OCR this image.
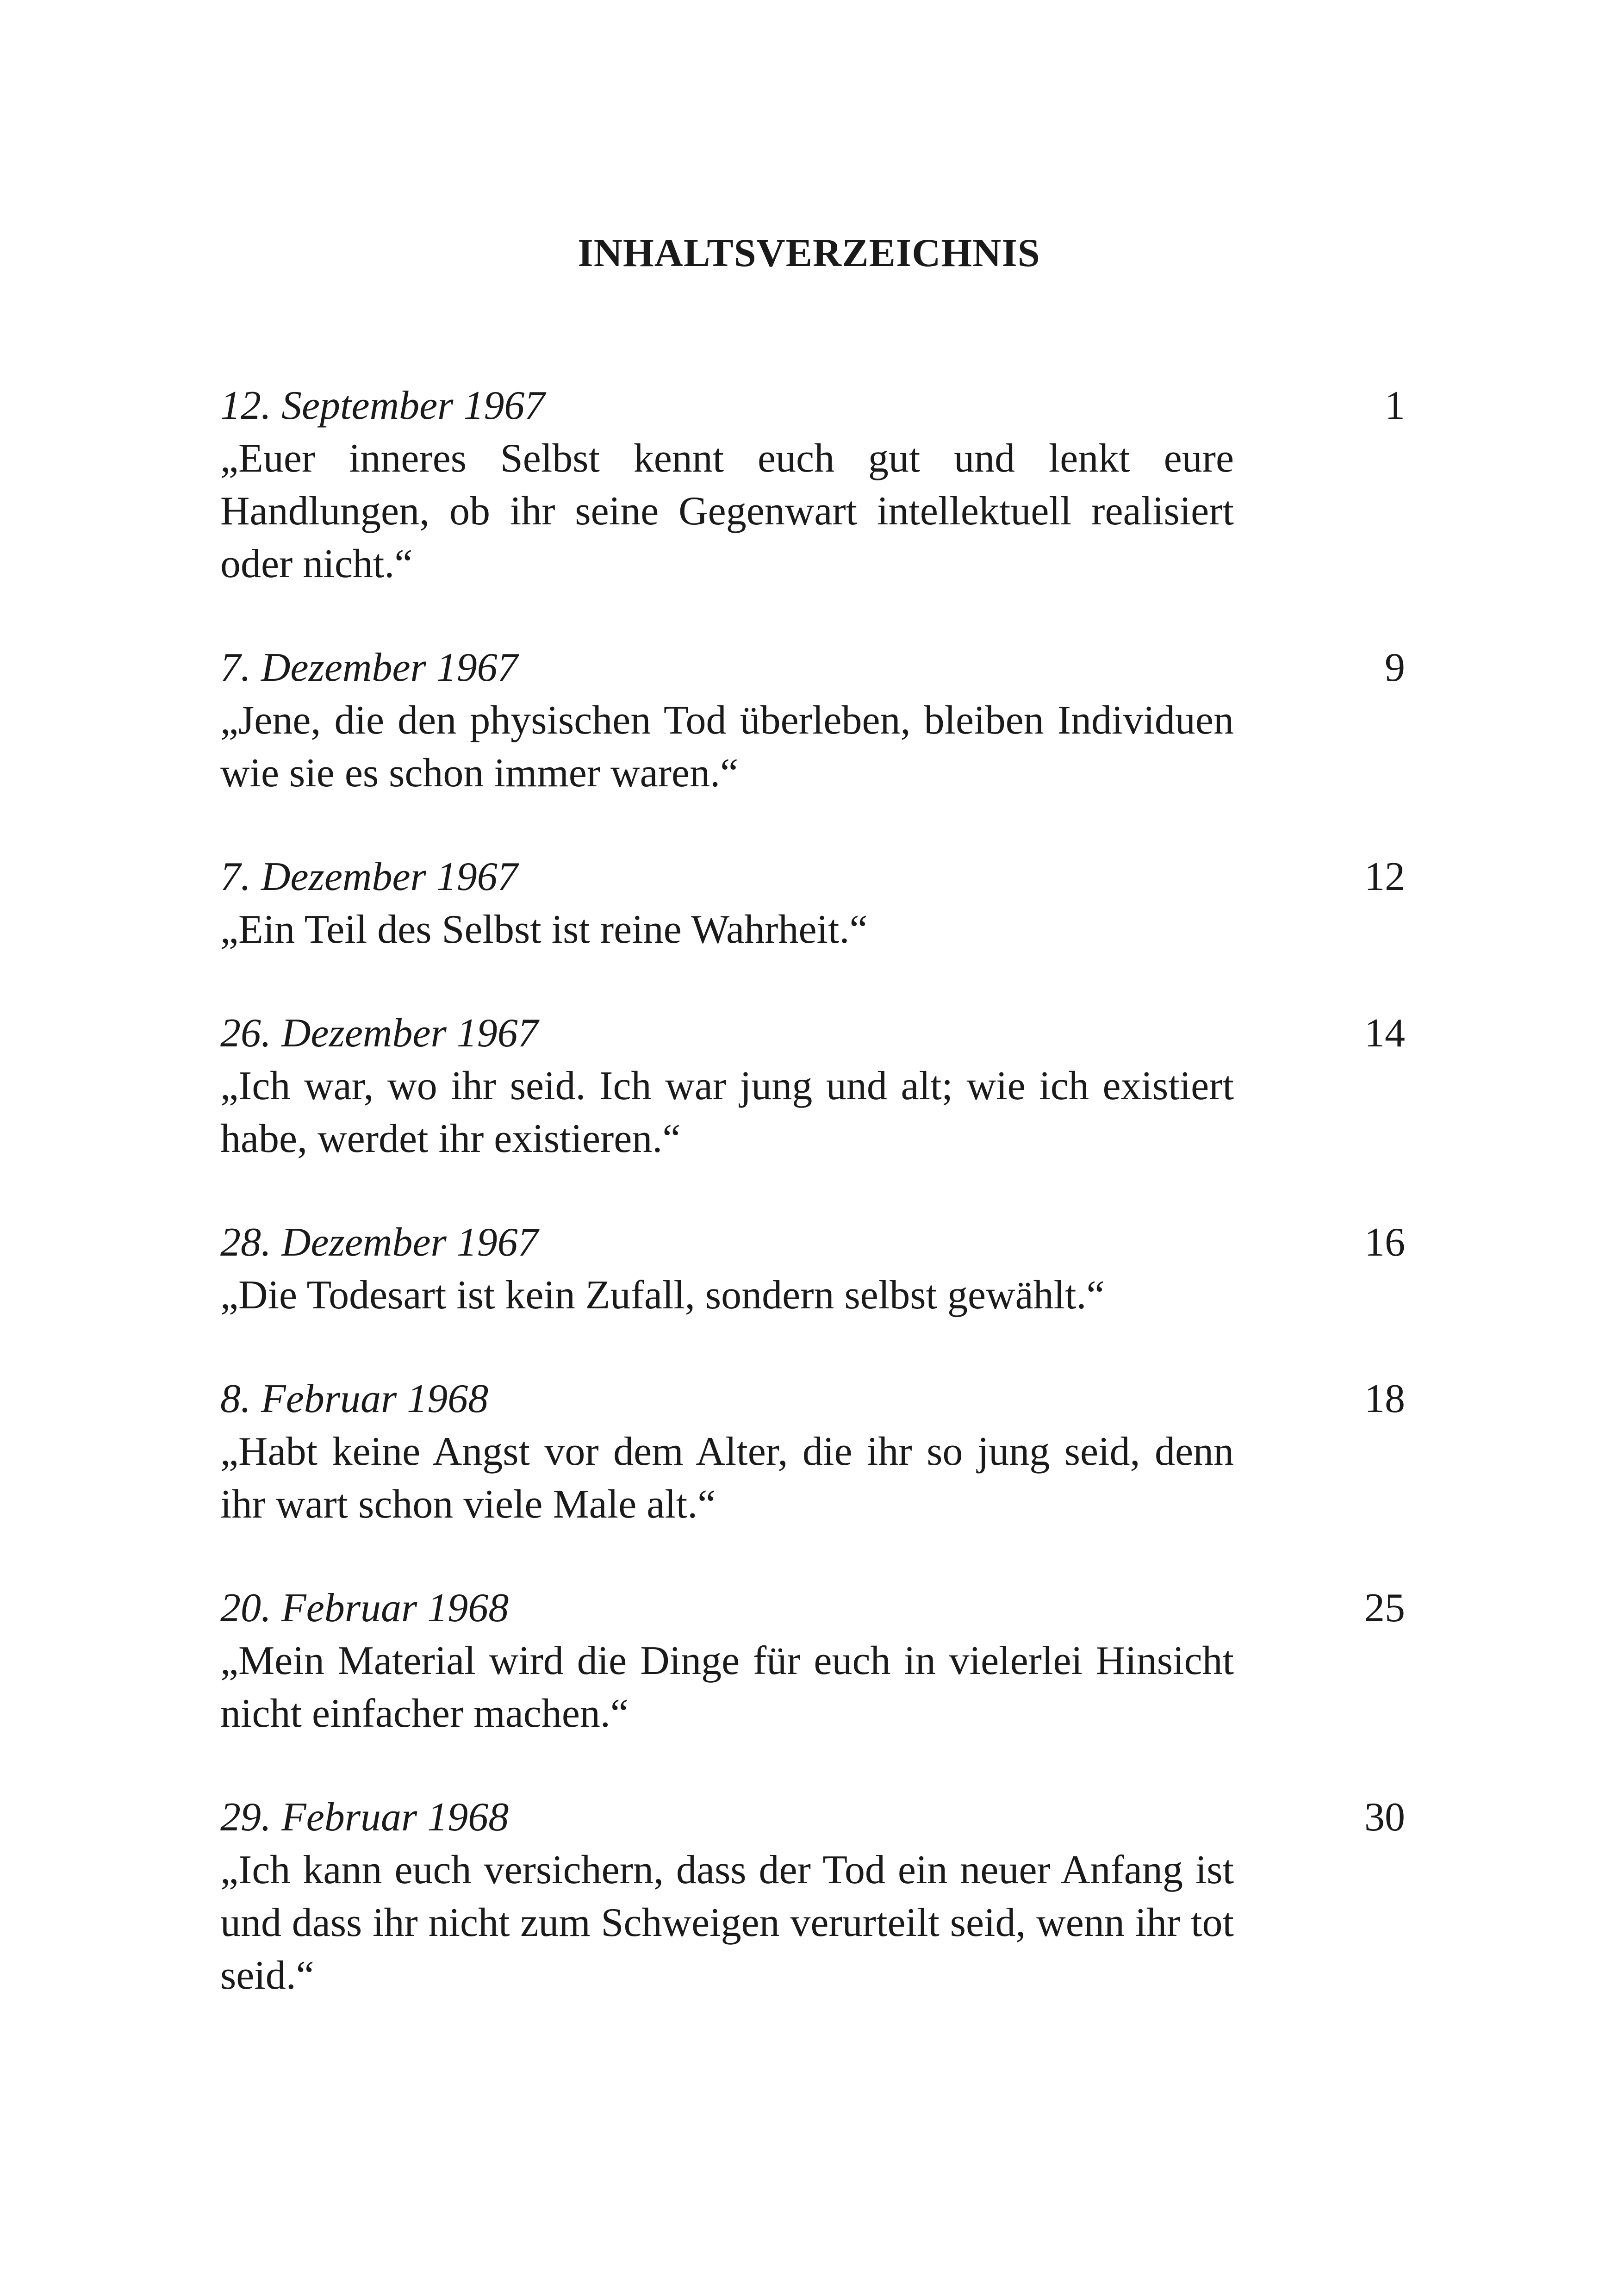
INHALTSVERZEICHNIS
12. September 1967	1
„Euer inneres Selbst kennt euch gut und lenkt eure Handlungen, ob ihr seine Gegenwart intellektuell realisiert oder nicht.“
7. Dezember 1967	9
„Jene, die den physischen Tod überleben, bleiben Individuen wie sie es schon immer waren.“
7. Dezember 1967	12
„Ein Teil des Selbst ist reine Wahrheit.“
26. Dezember 1967	14
„Ich war, wo ihr seid. Ich war jung und alt; wie ich existiert habe, werdet ihr existieren.“
28. Dezember 1967	16
„Die Todesart ist kein Zufall, sondern selbst gewählt.“
8. Februar 1968	18
„Habt keine Angst vor dem Alter, die ihr so jung seid, denn ihr wart schon viele Male alt.“
20. Februar 1968	25
„Mein Material wird die Dinge für euch in vielerlei Hinsicht nicht einfacher machen.“
29. Februar 1968	30
„Ich kann euch versichern, dass der Tod ein neuer Anfang ist und dass ihr nicht zum Schweigen verurteilt seid, wenn ihr tot seid.“
